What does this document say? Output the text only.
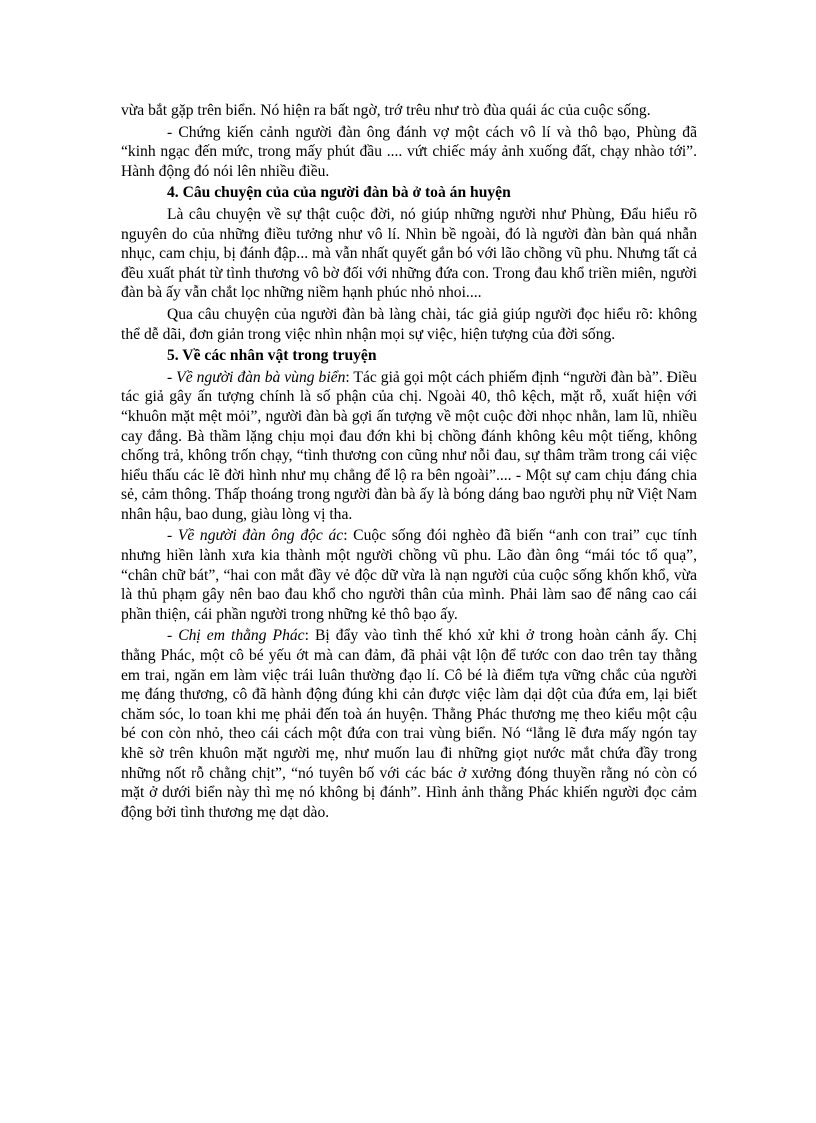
vừa bắt gặp trên biển. Nó hiện ra bất ngờ, trớ trêu như trò đùa quái ác của cuộc sống.

- Chứng kiến cảnh người đàn ông đánh vợ một cách vô lí và thô bạo, Phùng đã “kinh ngạc đến mức, trong mấy phút đầu .... vứt chiếc máy ảnh xuống đất, chạy nhào tới”. Hành động đó nói lên nhiều điều.

4. Câu chuyện của của người đàn bà ở toà án huyện

Là câu chuyện về sự thật cuộc đời, nó giúp những người như Phùng, Đẩu hiểu rõ nguyên do của những điều tưởng như vô lí. Nhìn bề ngoài, đó là người đàn bàn quá nhẫn nhục, cam chịu, bị đánh đập... mà vẫn nhất quyết gắn bó với lão chồng vũ phu. Nhưng tất cả đều xuất phát từ tình thương vô bờ đối với những đứa con. Trong đau khổ triền miên, người đàn bà ấy vẫn chắt lọc những niềm hạnh phúc nhỏ nhoi....

Qua câu chuyện của người đàn bà làng chài, tác giả giúp người đọc hiểu rõ: không thể dễ dãi, đơn giản trong việc nhìn nhận mọi sự việc, hiện tượng của đời sống.

5. Về các nhân vật trong truyện

- Về người đàn bà vùng biển: Tác giả gọi một cách phiếm định “người đàn bà”. Điều tác giả gây ấn tượng chính là số phận của chị. Ngoài 40, thô kệch, mặt rỗ, xuất hiện với “khuôn mặt mệt mỏi”, người đàn bà gợi ấn tượng về một cuộc đời nhọc nhằn, lam lũ, nhiều cay đắng. Bà thầm lặng chịu mọi đau đớn khi bị chồng đánh không kêu một tiếng, không chống trả, không trốn chạy, “tình thương con cũng như nỗi đau, sự thâm trầm trong cái việc hiểu thấu các lẽ đời hình như mụ chẳng để lộ ra bên ngoài”.... - Một sự cam chịu đáng chia sẻ, cảm thông. Thấp thoáng trong người đàn bà ấy là bóng dáng bao người phụ nữ Việt Nam nhân hậu, bao dung, giàu lòng vị tha.

- Về người đàn ông độc ác: Cuộc sống đói nghèo đã biến “anh con trai” cục tính nhưng hiền lành xưa kia thành một người chồng vũ phu. Lão đàn ông “mái tóc tổ quạ”, “chân chữ bát”, “hai con mắt đầy vẻ độc dữ vừa là nạn người của cuộc sống khốn khổ, vừa là thủ phạm gây nên bao đau khổ cho người thân của mình. Phải làm sao để nâng cao cái phần thiện, cái phần người trong những kẻ thô bạo ấy.

- Chị em thằng Phác: Bị đẩy vào tình thế khó xử khi ở trong hoàn cảnh ấy. Chị thằng Phác, một cô bé yếu ớt mà can đảm, đã phải vật lộn để tước con dao trên tay thằng em trai, ngăn em làm việc trái luân thường đạo lí. Cô bé là điểm tựa vững chắc của người mẹ đáng thương, cô đã hành động đúng khi cản được việc làm dại dột của đứa em, lại biết chăm sóc, lo toan khi mẹ phải đến toà án huyện. Thằng Phác thương mẹ theo kiểu một cậu bé con còn nhỏ, theo cái cách một đứa con trai vùng biển. Nó “lẳng lẽ đưa mấy ngón tay khẽ sờ trên khuôn mặt người mẹ, như muốn lau đi những giọt nước mắt chứa đầy trong những nốt rỗ chằng chịt”, “nó tuyên bố với các bác ở xưởng đóng thuyền rằng nó còn có mặt ở dưới biển này thì mẹ nó không bị đánh”. Hình ảnh thằng Phác khiến người đọc cảm động bởi tình thương mẹ dạt dào.
